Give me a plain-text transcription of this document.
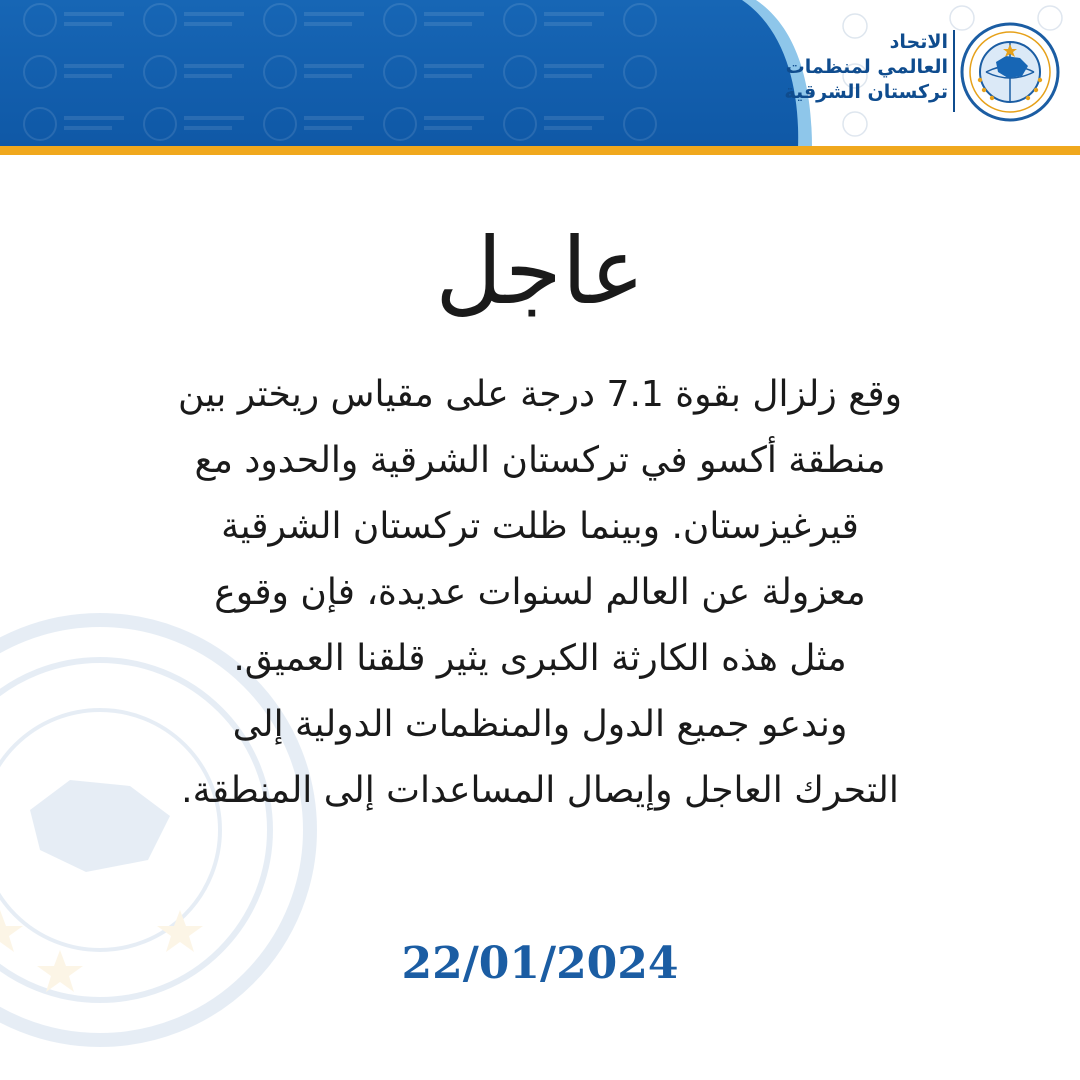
الاتحاد
العالمي لمنظمات
تركستان الشرقية
عاجل
وقع زلزال بقوة 7.1 درجة على مقياس ريختر بين
منطقة أكسو في تركستان الشرقية والحدود مع
قيرغيزستان. وبينما ظلت تركستان الشرقية
معزولة عن العالم لسنوات عديدة، فإن وقوع
مثل هذه الكارثة الكبرى يثير قلقنا العميق.
وندعو جميع الدول والمنظمات الدولية إلى
التحرك العاجل وإيصال المساعدات إلى المنطقة.
22/01/2024
